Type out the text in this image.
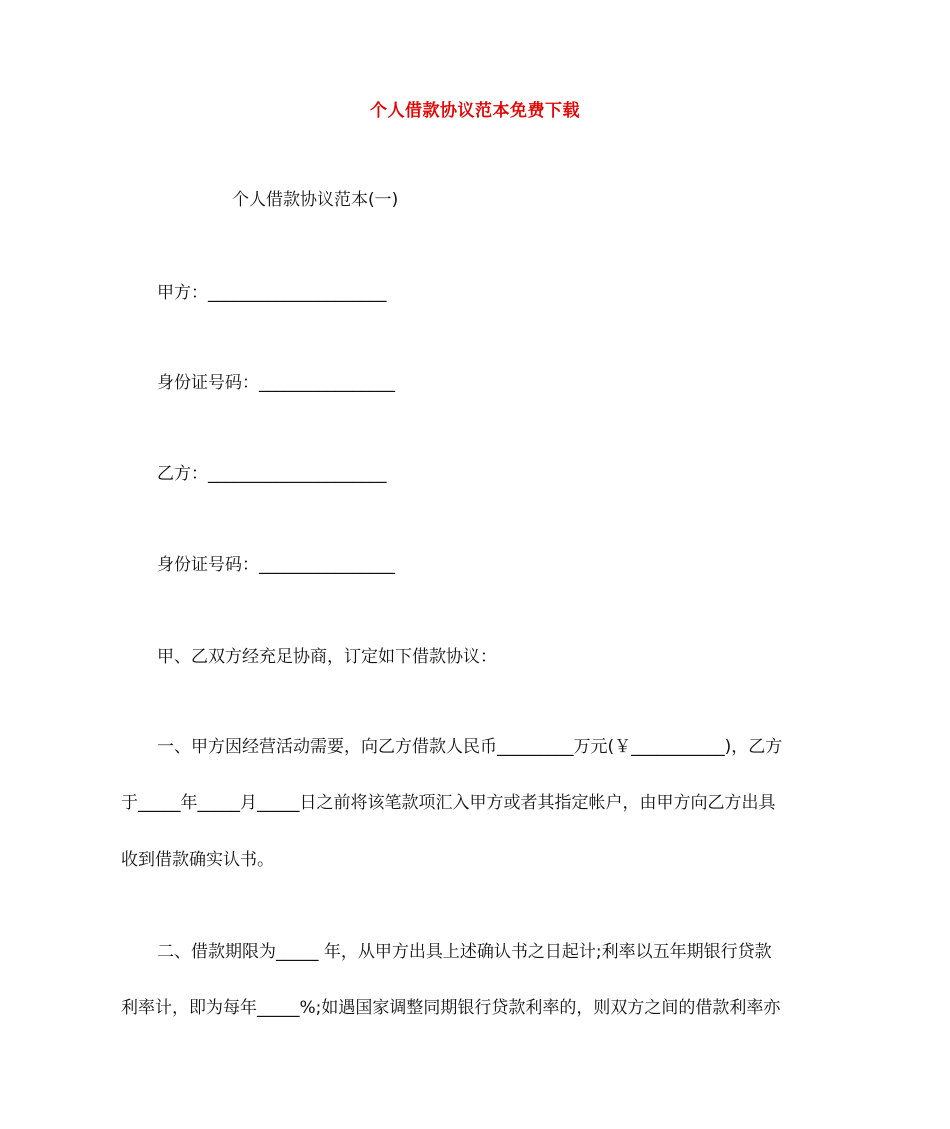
个人借款协议范本免费下载
个人借款协议范本(一)
甲方：_____________________
身份证号码：________________
乙方：_____________________
身份证号码：________________
甲、乙双方经充足协商，订定如下借款协议：
一、甲方因经营活动需要，向乙方借款人民币_________万元(￥___________)，乙方
于_____年_____月_____日之前将该笔款项汇入甲方或者其指定帐户，由甲方向乙方出具
收到借款确实认书。
二、借款期限为_____ 年，从甲方出具上述确认书之日起计;利率以五年期银行贷款
利率计，即为每年_____%;如遇国家调整同期银行贷款利率的，则双方之间的借款利率亦
